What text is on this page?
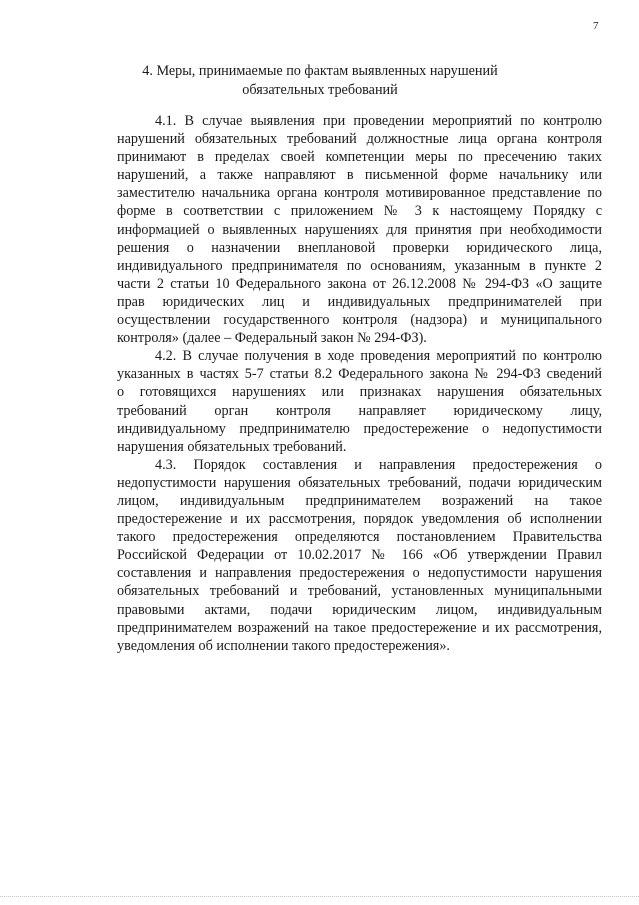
7
4. Меры, принимаемые по фактам выявленных нарушений
обязательных требований

4.1. В случае выявления при проведении мероприятий по контролю
нарушений обязательных требований должностные лица органа контроля
принимают в пределах своей компетенции меры по пресечению таких
нарушений, а также направляют в письменной форме начальнику или
заместителю начальника органа контроля мотивированное представление по
форме в соответствии с приложением № 3 к настоящему Порядку с
информацией о выявленных нарушениях для принятия при необходимости
решения о назначении внеплановой проверки юридического лица,
индивидуального предпринимателя по основаниям, указанным в пункте 2
части 2 статьи 10 Федерального закона от 26.12.2008 № 294-ФЗ «О защите
прав юридических лиц и индивидуальных предпринимателей при
осуществлении государственного контроля (надзора) и муниципального
контроля» (далее – Федеральный закон № 294-ФЗ).

4.2. В случае получения в ходе проведения мероприятий по контролю
указанных в частях 5-7 статьи 8.2 Федерального закона № 294-ФЗ сведений
о готовящихся нарушениях или признаках нарушения обязательных
требований орган контроля направляет юридическому лицу,
индивидуальному предпринимателю предостережение о недопустимости
нарушения обязательных требований.

4.3. Порядок составления и направления предостережения о
недопустимости нарушения обязательных требований, подачи юридическим
лицом, индивидуальным предпринимателем возражений на такое
предостережение и их рассмотрения, порядок уведомления об исполнении
такого предостережения определяются постановлением Правительства
Российской Федерации от 10.02.2017 № 166 «Об утверждении Правил
составления и направления предостережения о недопустимости нарушения
обязательных требований и требований, установленных муниципальными
правовыми актами, подачи юридическим лицом, индивидуальным
предпринимателем возражений на такое предостережение и их рассмотрения,
уведомления об исполнении такого предостережения».
